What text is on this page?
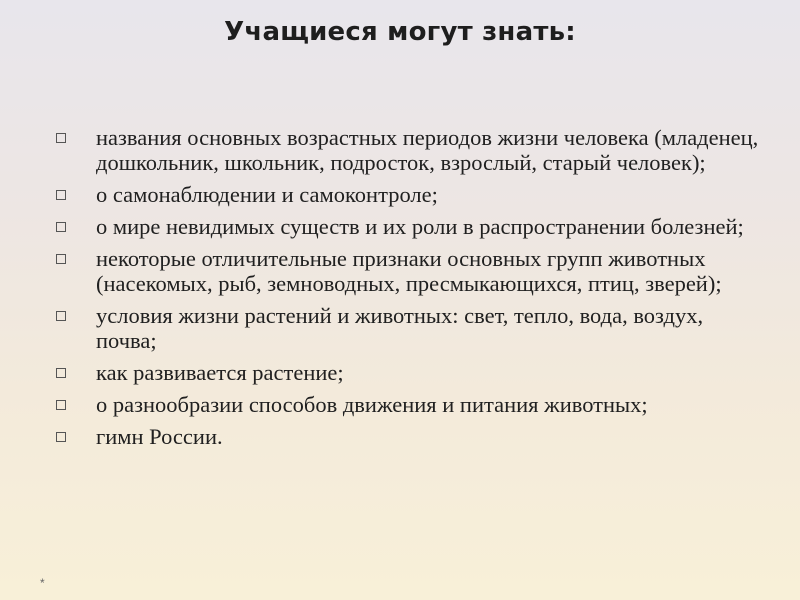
Учащиеся могут знать:
названия основных возрастных периодов жизни человека (младенец, дошкольник, школьник, подросток, взрослый, старый человек);
о самонаблюдении и самоконтроле;
о мире невидимых существ и их роли в распространении болезней;
некоторые отличительные признаки основных групп животных (насекомых, рыб, земноводных, пресмыкающихся, птиц, зверей);
условия жизни растений и животных: свет, тепло, вода, воздух, почва;
как развивается растение;
о разнообразии способов движения и питания животных;
гимн России.
*
